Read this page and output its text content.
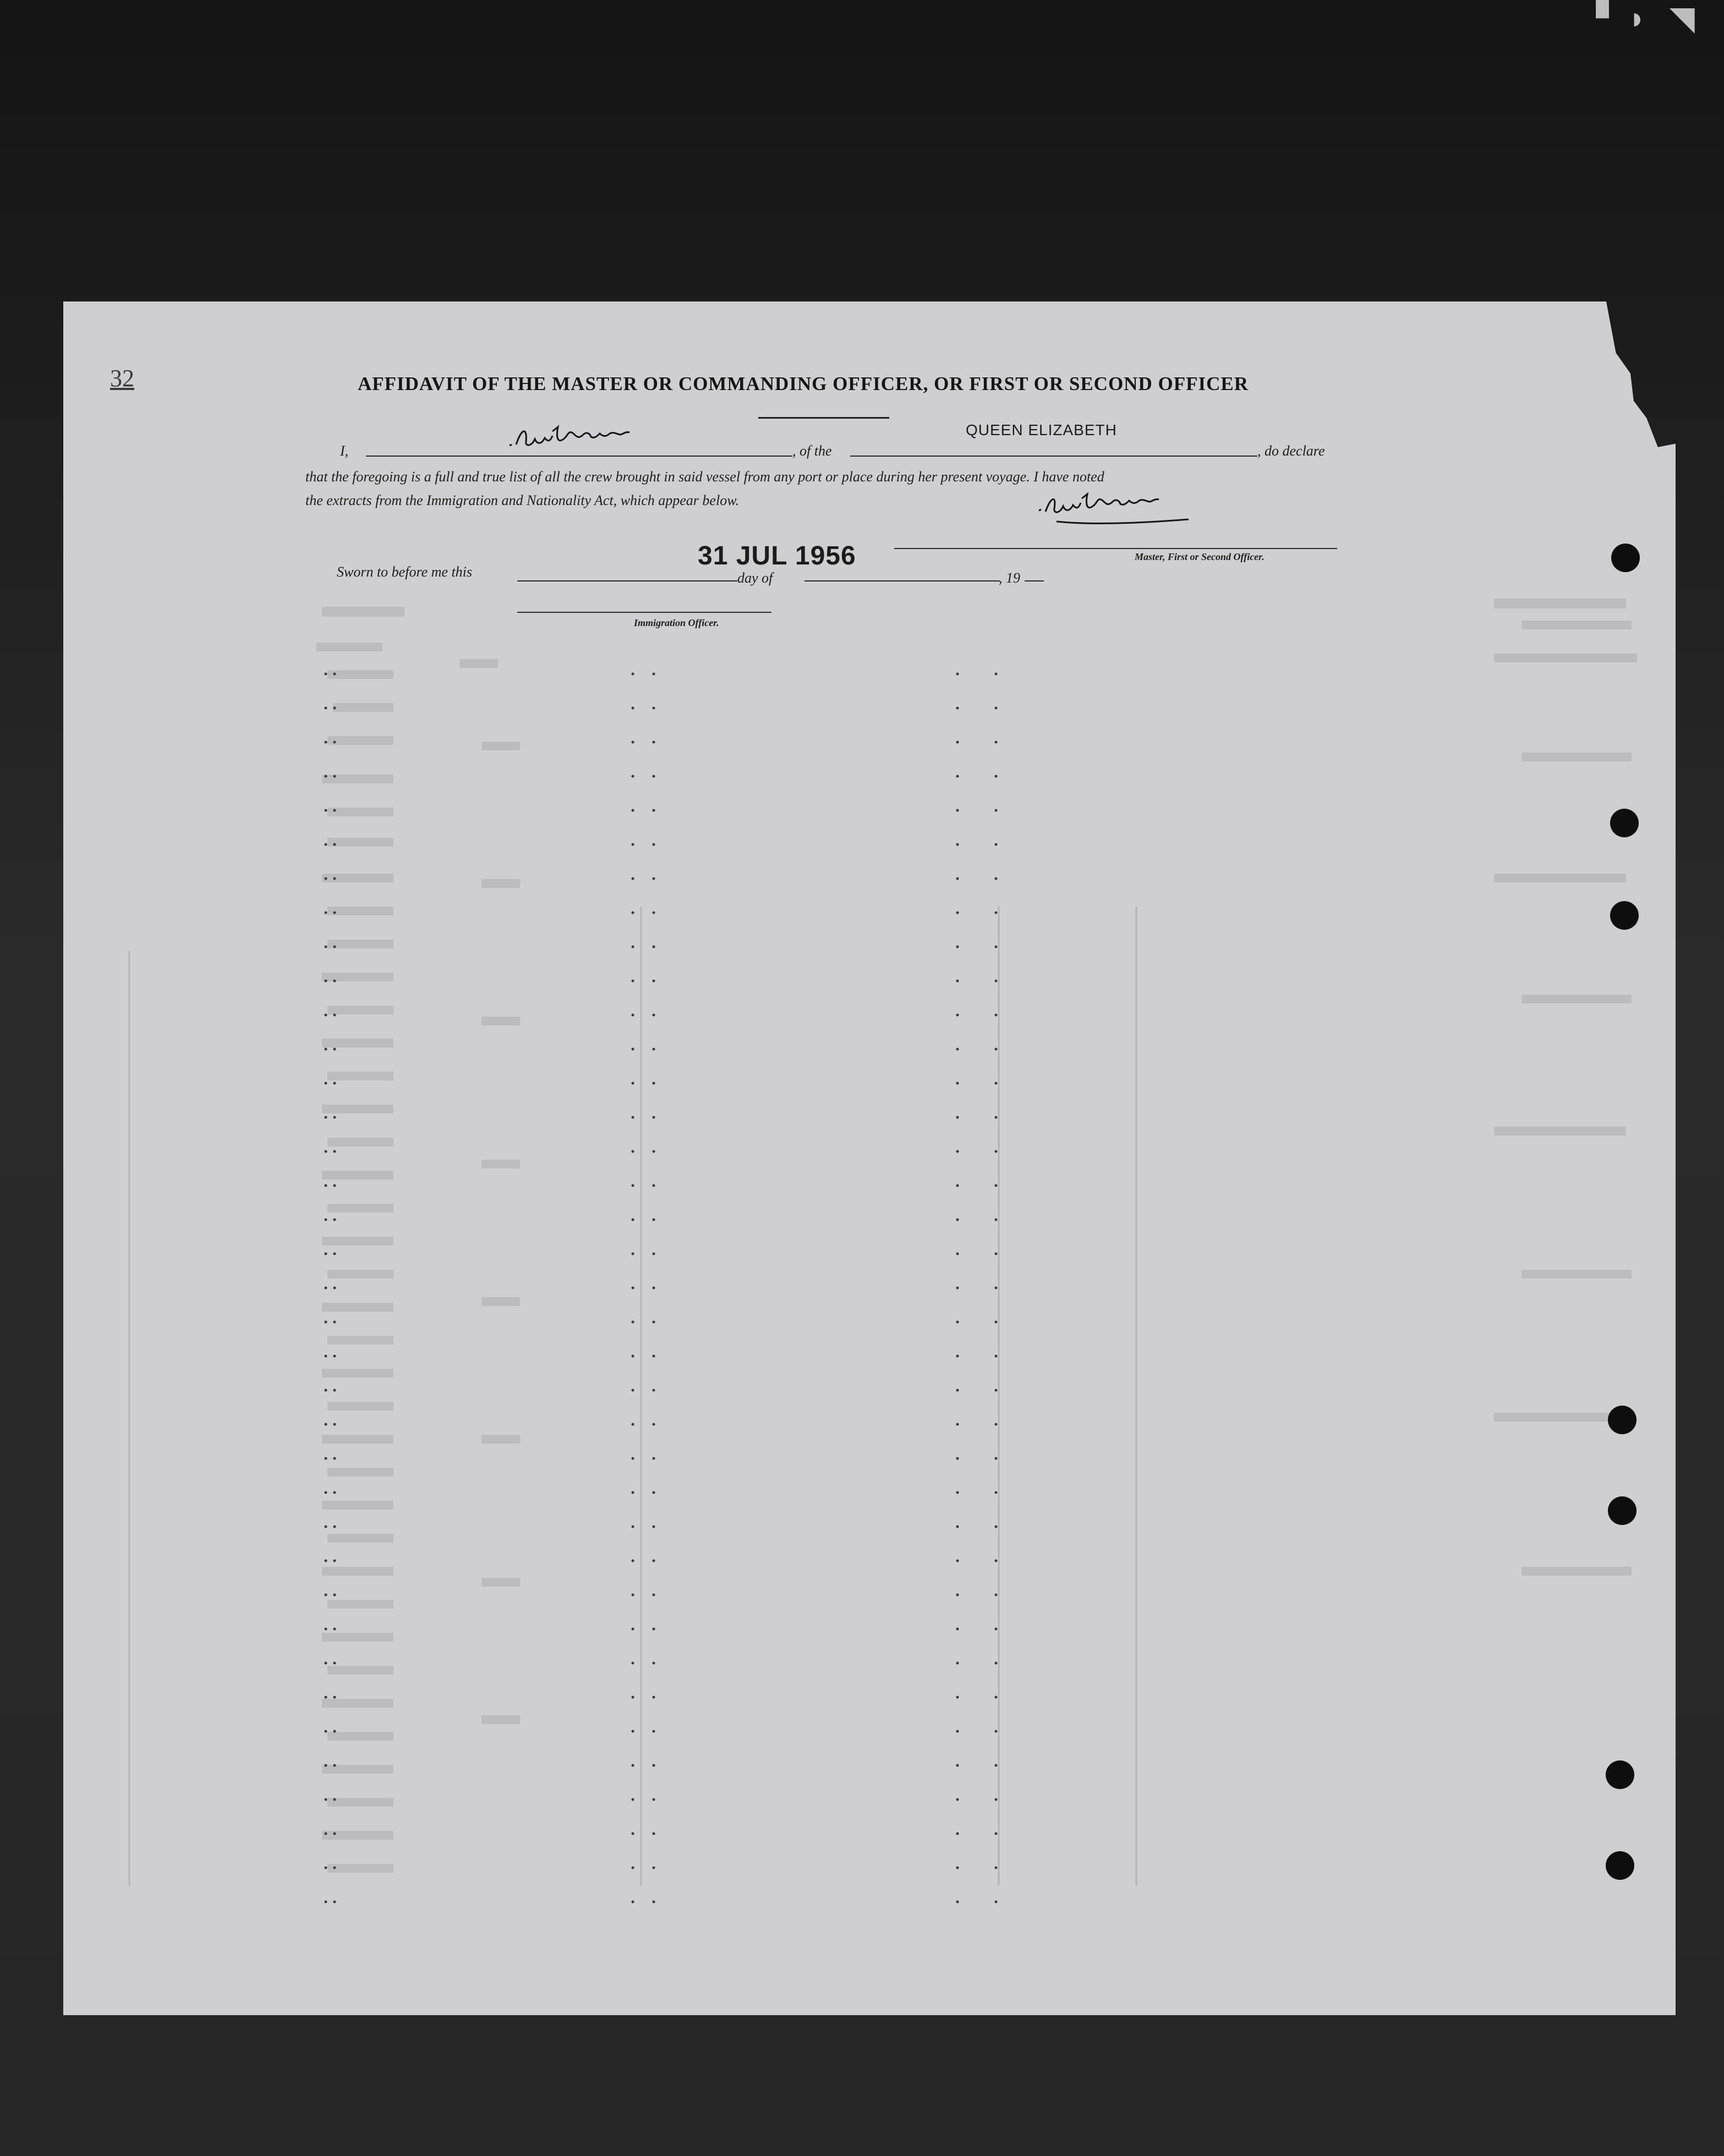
▘◗ ◥
32	AFFIDAVIT OF THE MASTER OR COMMANDING OFFICER, OR FIRST OR SECOND OFFICER
I,	, of the
QUEEN ELIZABETH
, do declare
that the foregoing is a full and true list of all the crew brought in said vessel from any port or place during her present voyage. I have noted
the extracts from the Immigration and Nationality Act, which appear below.
Master, First or Second Officer.
Sworn to before me this
31 JUL 1956
day of	, 19
Immigration Officer.
